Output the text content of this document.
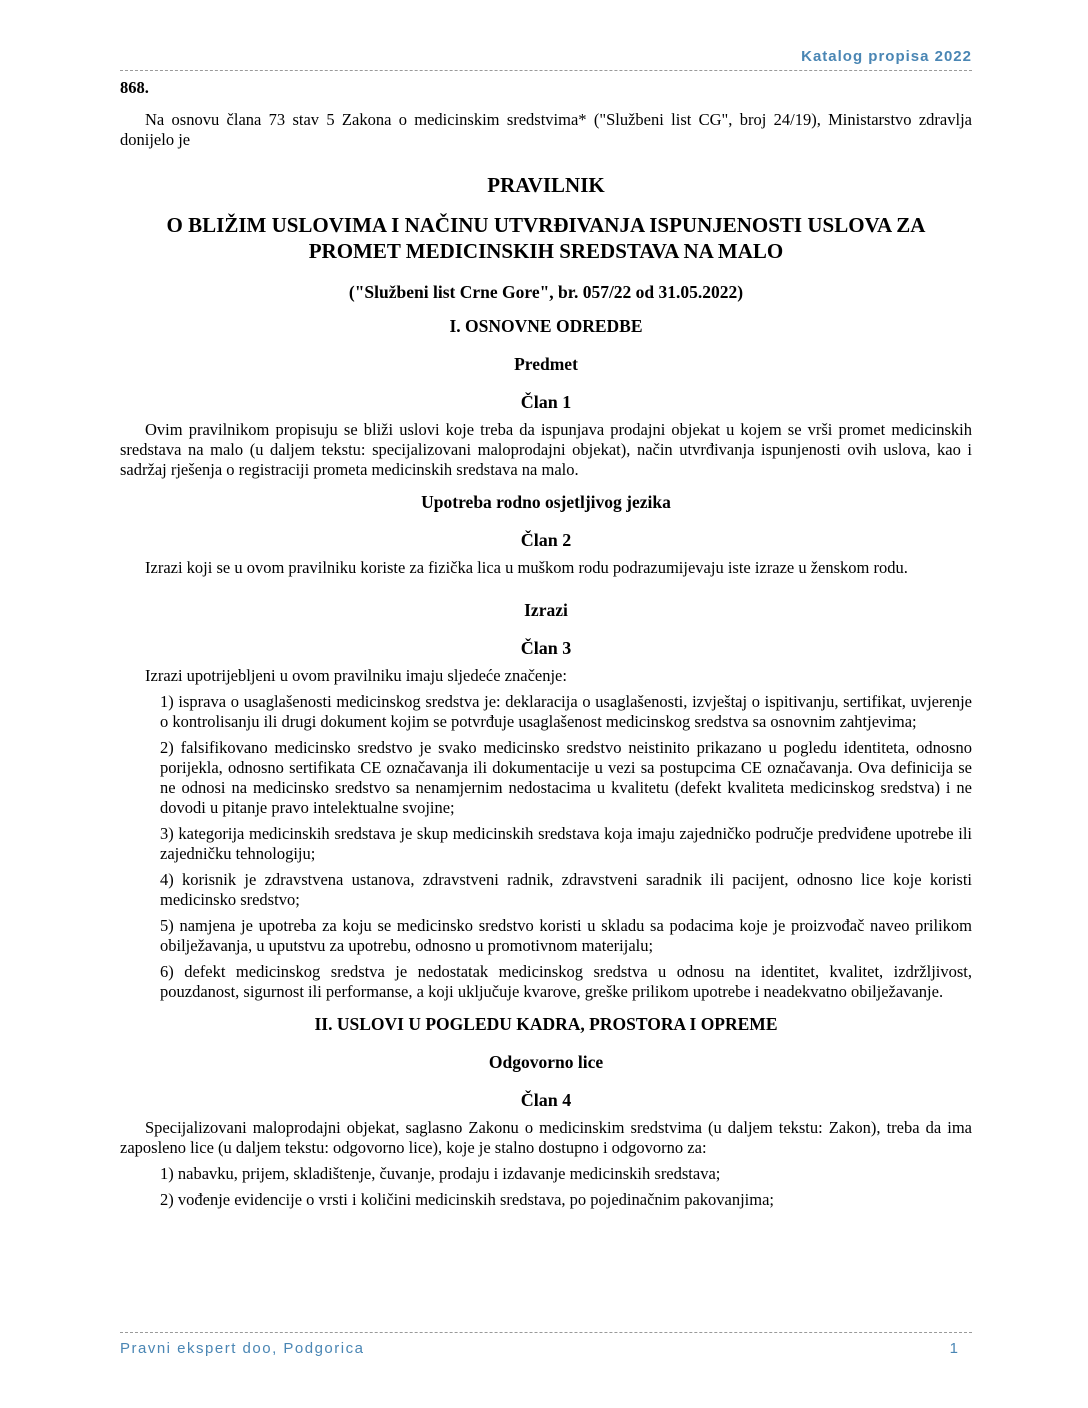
Katalog propisa 2022
868.

Na osnovu člana 73 stav 5 Zakona o medicinskim sredstvima* ("Službeni list CG", broj 24/19), Ministarstvo zdravlja donijelo je

PRAVILNIK
O BLIŽIM USLOVIMA I NAČINU UTVRĐIVANJA ISPUNJENOSTI USLOVA ZA PROMET MEDICINSKIH SREDSTAVA NA MALO
("Službeni list Crne Gore", br. 057/22 od 31.05.2022)
I. OSNOVNE ODREDBE
Predmet
Član 1

Ovim pravilnikom propisuju se bliži uslovi koje treba da ispunjava prodajni objekat u kojem se vrši promet medicinskih sredstava na malo (u daljem tekstu: specijalizovani maloprodajni objekat), način utvrđivanja ispunjenosti ovih uslova, kao i sadržaj rješenja o registraciji prometa medicinskih sredstava na malo.

Upotreba rodno osjetljivog jezika
Član 2

Izrazi koji se u ovom pravilniku koriste za fizička lica u muškom rodu podrazumijevaju iste izraze u ženskom rodu.

Izrazi
Član 3

Izrazi upotrijebljeni u ovom pravilniku imaju sljedeće značenje:

1) isprava o usaglašenosti medicinskog sredstva je: deklaracija o usaglašenosti, izvještaj o ispitivanju, sertifikat, uvjerenje o kontrolisanju ili drugi dokument kojim se potvrđuje usaglašenost medicinskog sredstva sa osnovnim zahtjevima;
2) falsifikovano medicinsko sredstvo je svako medicinsko sredstvo neistinito prikazano u pogledu identiteta, odnosno porijekla, odnosno sertifikata CE označavanja ili dokumentacije u vezi sa postupcima CE označavanja. Ova definicija se ne odnosi na medicinsko sredstvo sa nenamjernim nedostacima u kvalitetu (defekt kvaliteta medicinskog sredstva) i ne dovodi u pitanje pravo intelektualne svojine;
3) kategorija medicinskih sredstava je skup medicinskih sredstava koja imaju zajedničko područje predviđene upotrebe ili zajedničku tehnologiju;
4) korisnik je zdravstvena ustanova, zdravstveni radnik, zdravstveni saradnik ili pacijent, odnosno lice koje koristi medicinsko sredstvo;
5) namjena je upotreba za koju se medicinsko sredstvo koristi u skladu sa podacima koje je proizvođač naveo prilikom obilježavanja, u uputstvu za upotrebu, odnosno u promotivnom materijalu;
6) defekt medicinskog sredstva je nedostatak medicinskog sredstva u odnosu na identitet, kvalitet, izdržljivost, pouzdanost, sigurnost ili performanse, a koji uključuje kvarove, greške prilikom upotrebe i neadekvatno obilježavanje.
II. USLOVI U POGLEDU KADRA, PROSTORA I OPREME
Odgovorno lice
Član 4

Specijalizovani maloprodajni objekat, saglasno Zakonu o medicinskim sredstvima (u daljem tekstu: Zakon), treba da ima zaposleno lice (u daljem tekstu: odgovorno lice), koje je stalno dostupno i odgovorno za:

1) nabavku, prijem, skladištenje, čuvanje, prodaju i izdavanje medicinskih sredstava;
2) vođenje evidencije o vrsti i količini medicinskih sredstava, po pojedinačnim pakovanjima;
Pravni ekspert doo, Podgorica	1
